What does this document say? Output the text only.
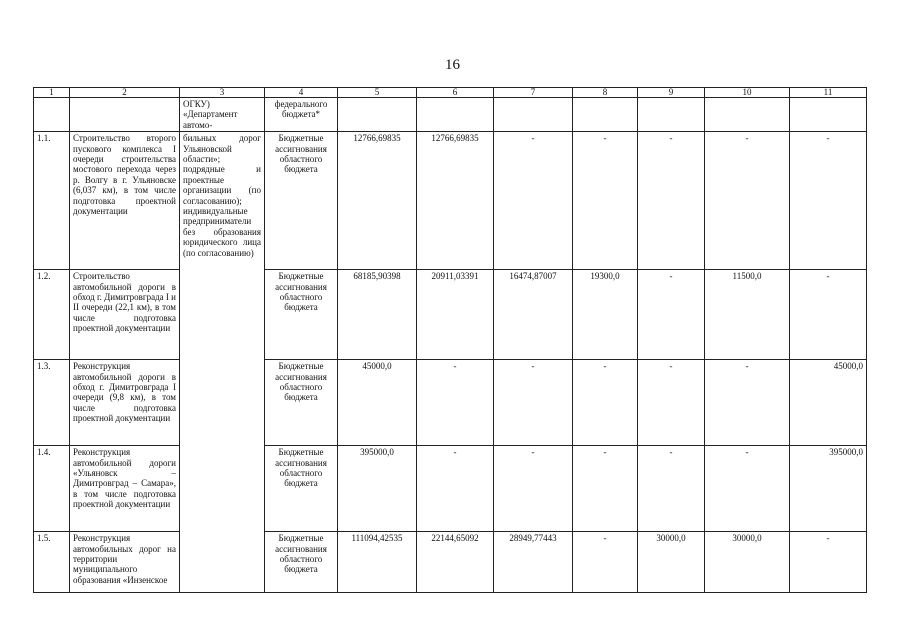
16
1	2	3	4	5	6	7	8	9	10	11
		ОГКУ) «Департамент автомо-	федерального бюджета*							
1.1.	Строительство второго пускового комплекса I очереди строительства мостового перехода через р. Волгу в г. Ульяновске (6,037 км), в том числе подготовка проектной документации	бильных дорог Ульяновской области»; подрядные и проектные организации (по согласованию); индивидуальные предприниматели без образования юридического лица (по согласованию)	Бюджетные ассигнования областного бюджета	12766,69835	12766,69835	-	-	-	-	-
1.2.	Строительство автомобильной дороги в обход г. Димитровграда I и II очереди (22,1 км), в том числе подготовка проектной документации		Бюджетные ассигнования областного бюджета	68185,90398	20911,03391	16474,87007	19300,0	-	11500,0	-
1.3.	Реконструкция автомобильной дороги в обход г. Димитровграда I очереди (9,8 км), в том числе подготовка проектной документации		Бюджетные ассигнования областного бюджета	45000,0	-	-	-	-	-	45000,0
1.4.	Реконструкция автомобильной дороги «Ульяновск – Димитровград – Самара», в том числе подготовка проектной документации		Бюджетные ассигнования областного бюджета	395000,0	-	-	-	-	-	395000,0
1.5.	Реконструкция автомобильных дорог на территории муниципального образования «Инзенское		Бюджетные ассигнования областного бюджета	111094,42535	22144,65092	28949,77443	-	30000,0	30000,0	-
